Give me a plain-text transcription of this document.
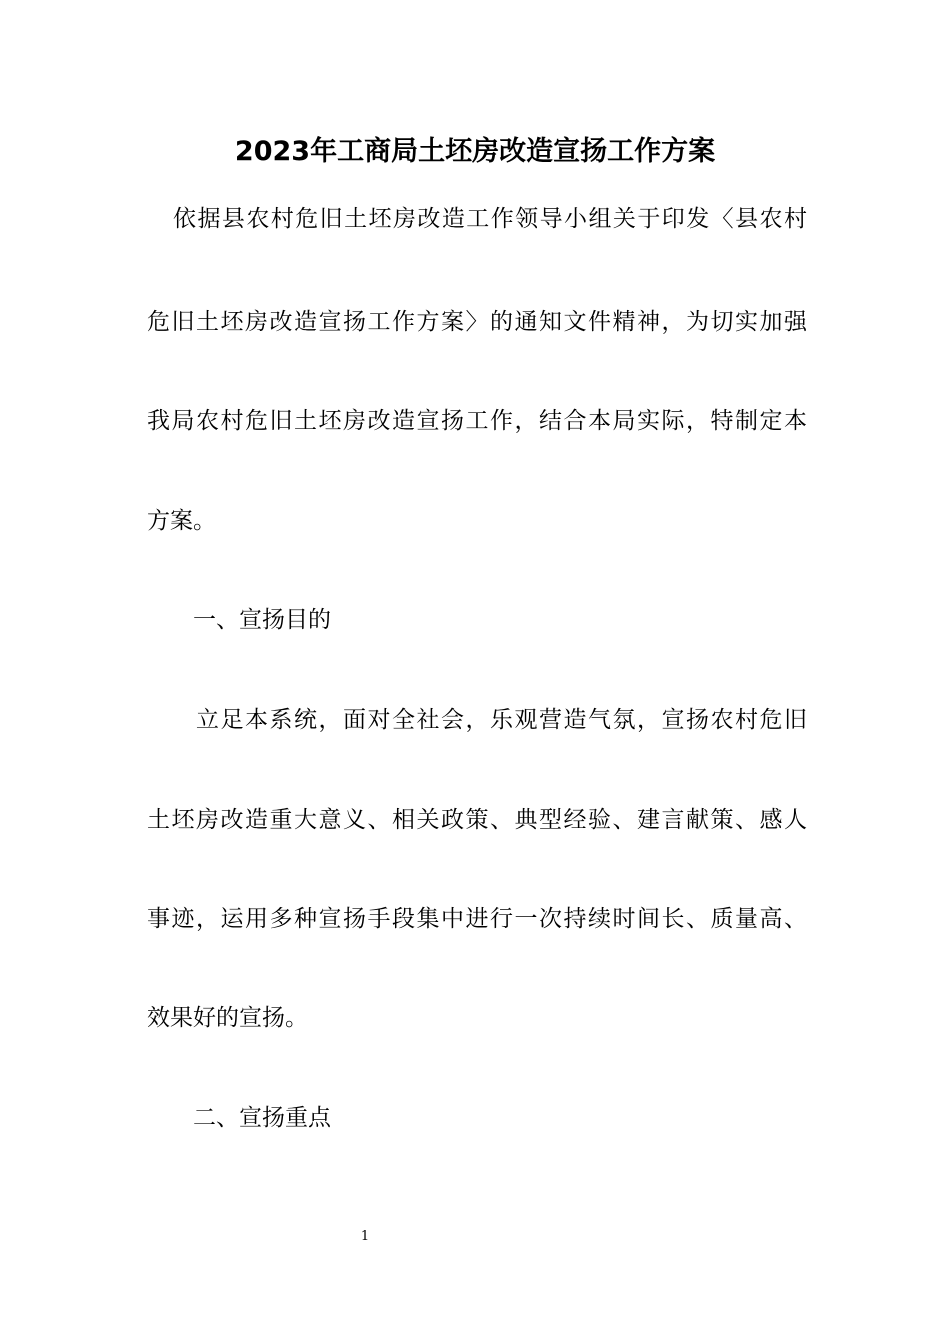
2023年工商局土坯房改造宣扬工作方案
依据县农村危旧土坯房改造工作领导小组关于印发〈县农村
危旧土坯房改造宣扬工作方案〉的通知文件精神，为切实加强
我局农村危旧土坯房改造宣扬工作，结合本局实际，特制定本
方案。
一、宣扬目的
立足本系统，面对全社会，乐观营造气氛，宣扬农村危旧
土坯房改造重大意义、相关政策、典型经验、建言献策、感人
事迹，运用多种宣扬手段集中进行一次持续时间长、质量高、
效果好的宣扬。
二、宣扬重点
1
